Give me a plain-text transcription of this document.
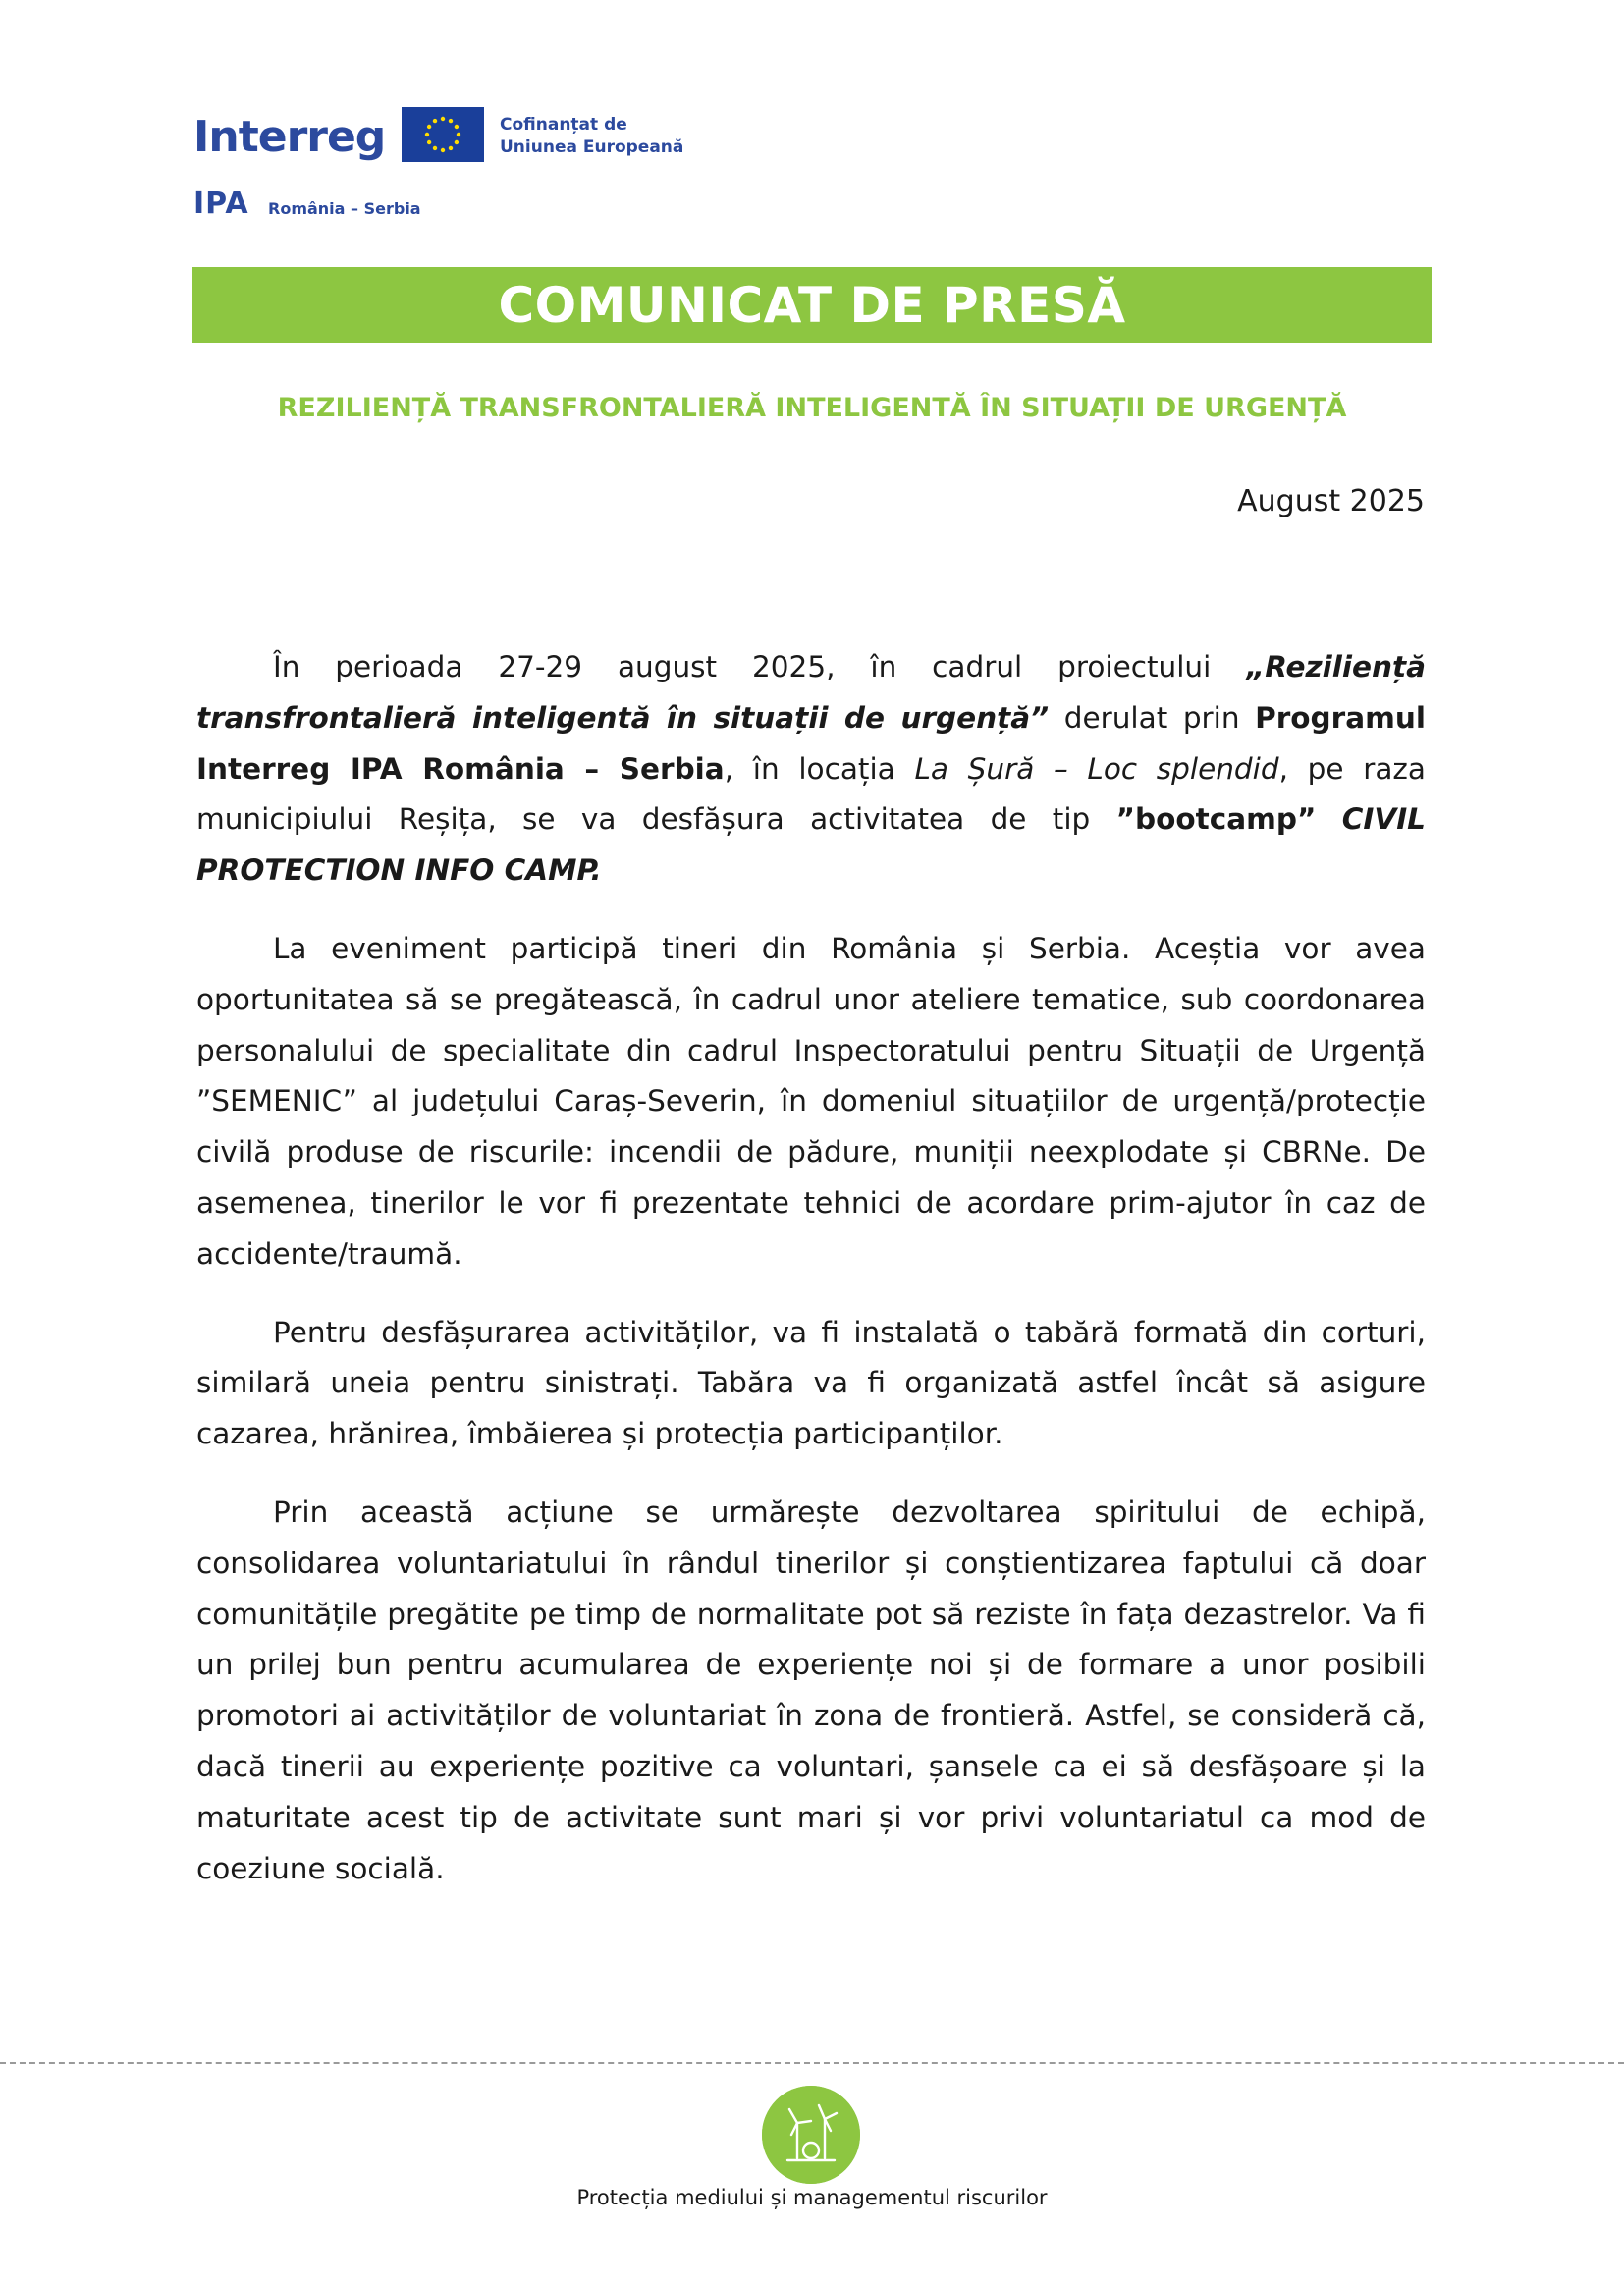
Interreg	Cofinanțat de
Uniunea Europeană
IPA România – Serbia
COMUNICAT DE PRESĂ
REZILIENȚĂ TRANSFRONTALIERĂ INTELIGENTĂ ÎN SITUAȚII DE URGENȚĂ
August 2025

În perioada 27-29 august 2025, în cadrul proiectului „Reziliență transfrontalieră inteligentă în situații de urgență” derulat prin Programul Interreg IPA România – Serbia, în locația La Șură – Loc splendid, pe raza municipiului Reșița, se va desfășura activitatea de tip ”bootcamp” CIVIL PROTECTION INFO CAMP.

La eveniment participă tineri din România și Serbia. Aceștia vor avea oportunitatea să se pregătească, în cadrul unor ateliere tematice, sub coordonarea personalului de specialitate din cadrul Inspectoratului pentru Situații de Urgență ”SEMENIC” al județului Caraș-Severin, în domeniul situațiilor de urgență/protecție civilă produse de riscurile: incendii de pădure, muniții neexplodate și CBRNe. De asemenea, tinerilor le vor fi prezentate tehnici de acordare prim-ajutor în caz de accidente/traumă.

Pentru desfășurarea activităților, va fi instalată o tabără formată din corturi, similară uneia pentru sinistrați. Tabăra va fi organizată astfel încât să asigure cazarea, hrănirea, îmbăierea și protecția participanților.

Prin această acțiune se urmărește dezvoltarea spiritului de echipă, consolidarea voluntariatului în rândul tinerilor și conștientizarea faptului că doar comunitățile pregătite pe timp de normalitate pot să reziste în fața dezastrelor. Va fi un prilej bun pentru acumularea de experiențe noi și de formare a unor posibili promotori ai activităților de voluntariat în zona de frontieră. Astfel, se consideră că, dacă tinerii au experiențe pozitive ca voluntari, șansele ca ei să desfășoare și la maturitate acest tip de activitate sunt mari și vor privi voluntariatul ca mod de coeziune socială.

Protecția mediului și managementul riscurilor
